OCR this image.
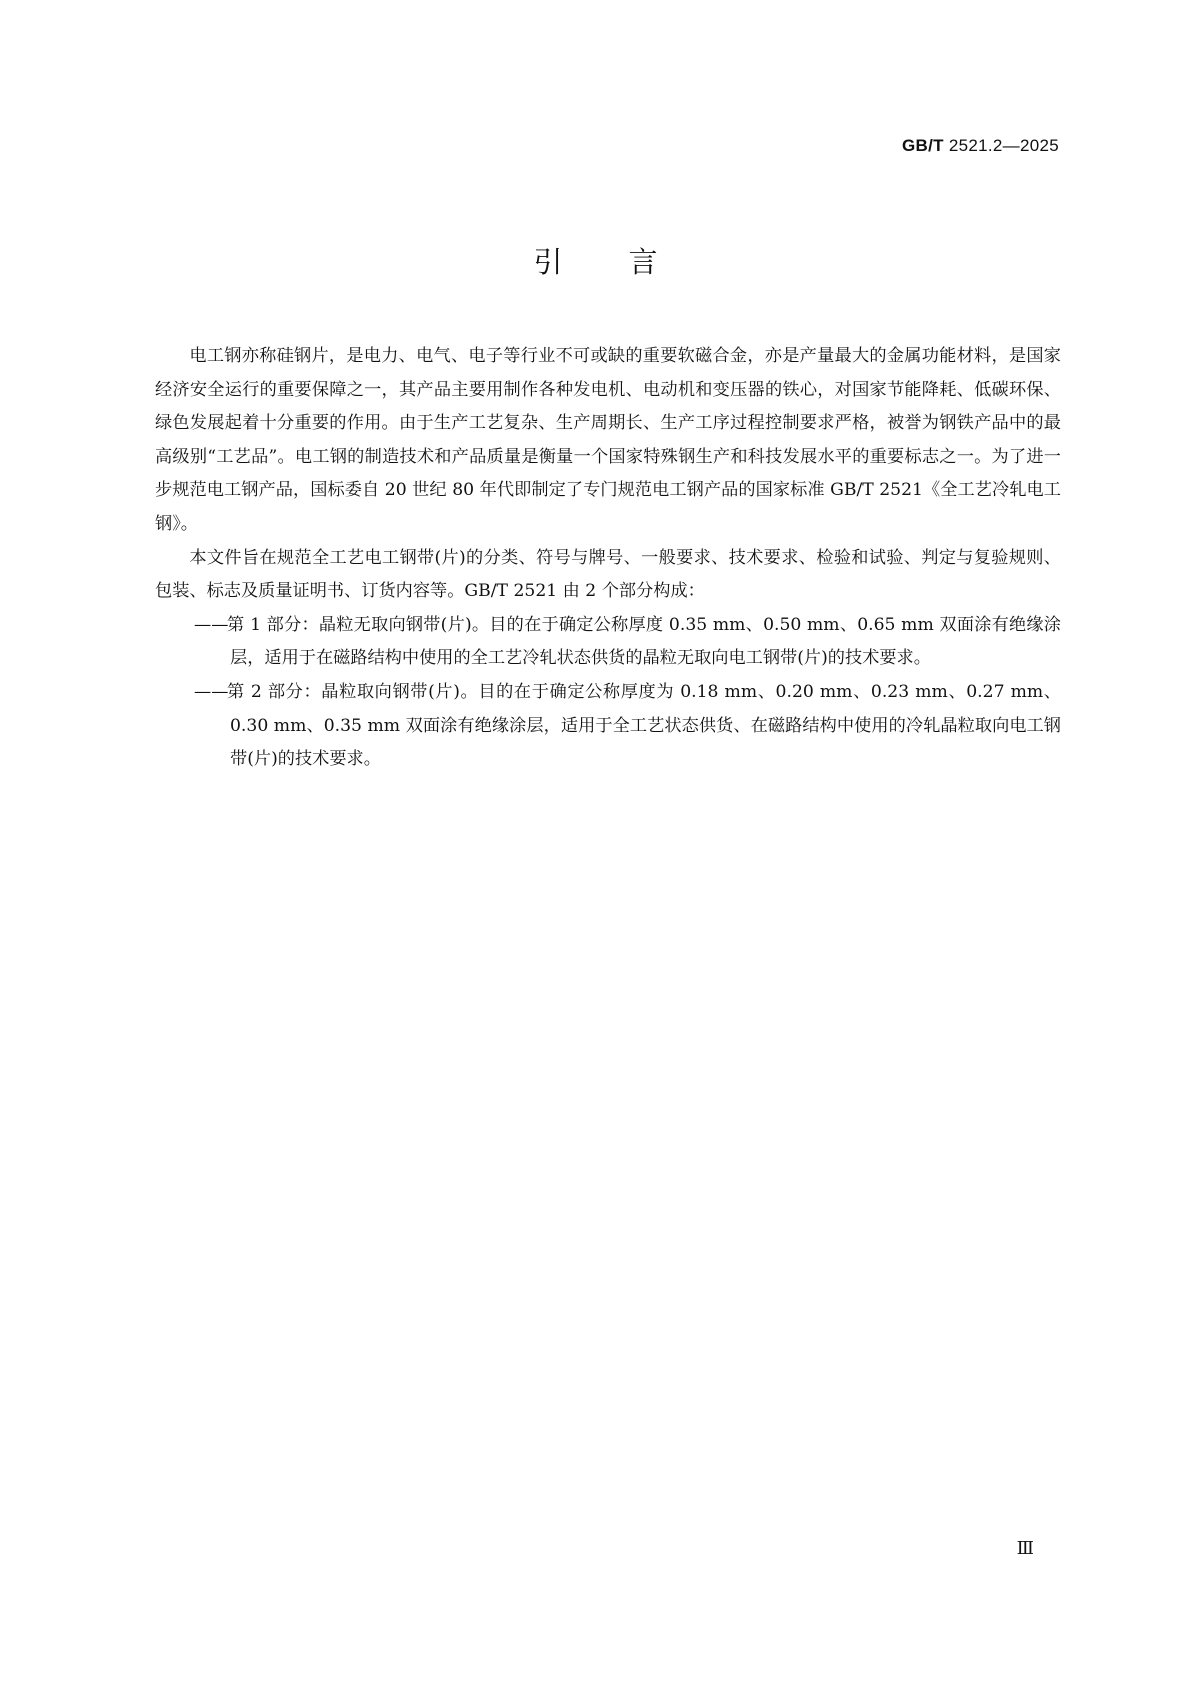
GB/T 2521.2—2025
引 言

电工钢亦称硅钢片，是电力、电气、电子等行业不可或缺的重要软磁合金，亦是产量最大的金属功能材料，是国家经济安全运行的重要保障之一，其产品主要用制作各种发电机、电动机和变压器的铁心，对国家节能降耗、低碳环保、绿色发展起着十分重要的作用。由于生产工艺复杂、生产周期长、生产工序过程控制要求严格，被誉为钢铁产品中的最高级别“工艺品”。电工钢的制造技术和产品质量是衡量一个国家特殊钢生产和科技发展水平的重要标志之一。为了进一步规范电工钢产品，国标委自 20 世纪 80 年代即制定了专门规范电工钢产品的国家标准 GB/T 2521《全工艺冷轧电工钢》。

本文件旨在规范全工艺电工钢带(片)的分类、符号与牌号、一般要求、技术要求、检验和试验、判定与复验规则、包装、标志及质量证明书、订货内容等。GB/T 2521 由 2 个部分构成：

——
第 1 部分：晶粒无取向钢带(片)。目的在于确定公称厚度 0.35 mm、0.50 mm、0.65 mm 双面涂有绝缘涂层，适用于在磁路结构中使用的全工艺冷轧状态供货的晶粒无取向电工钢带(片)的技术要求。
——
第 2 部分：晶粒取向钢带(片)。目的在于确定公称厚度为 0.18 mm、0.20 mm、0.23 mm、0.27 mm、0.30 mm、0.35 mm 双面涂有绝缘涂层，适用于全工艺状态供货、在磁路结构中使用的冷轧晶粒取向电工钢带(片)的技术要求。
Ⅲ
